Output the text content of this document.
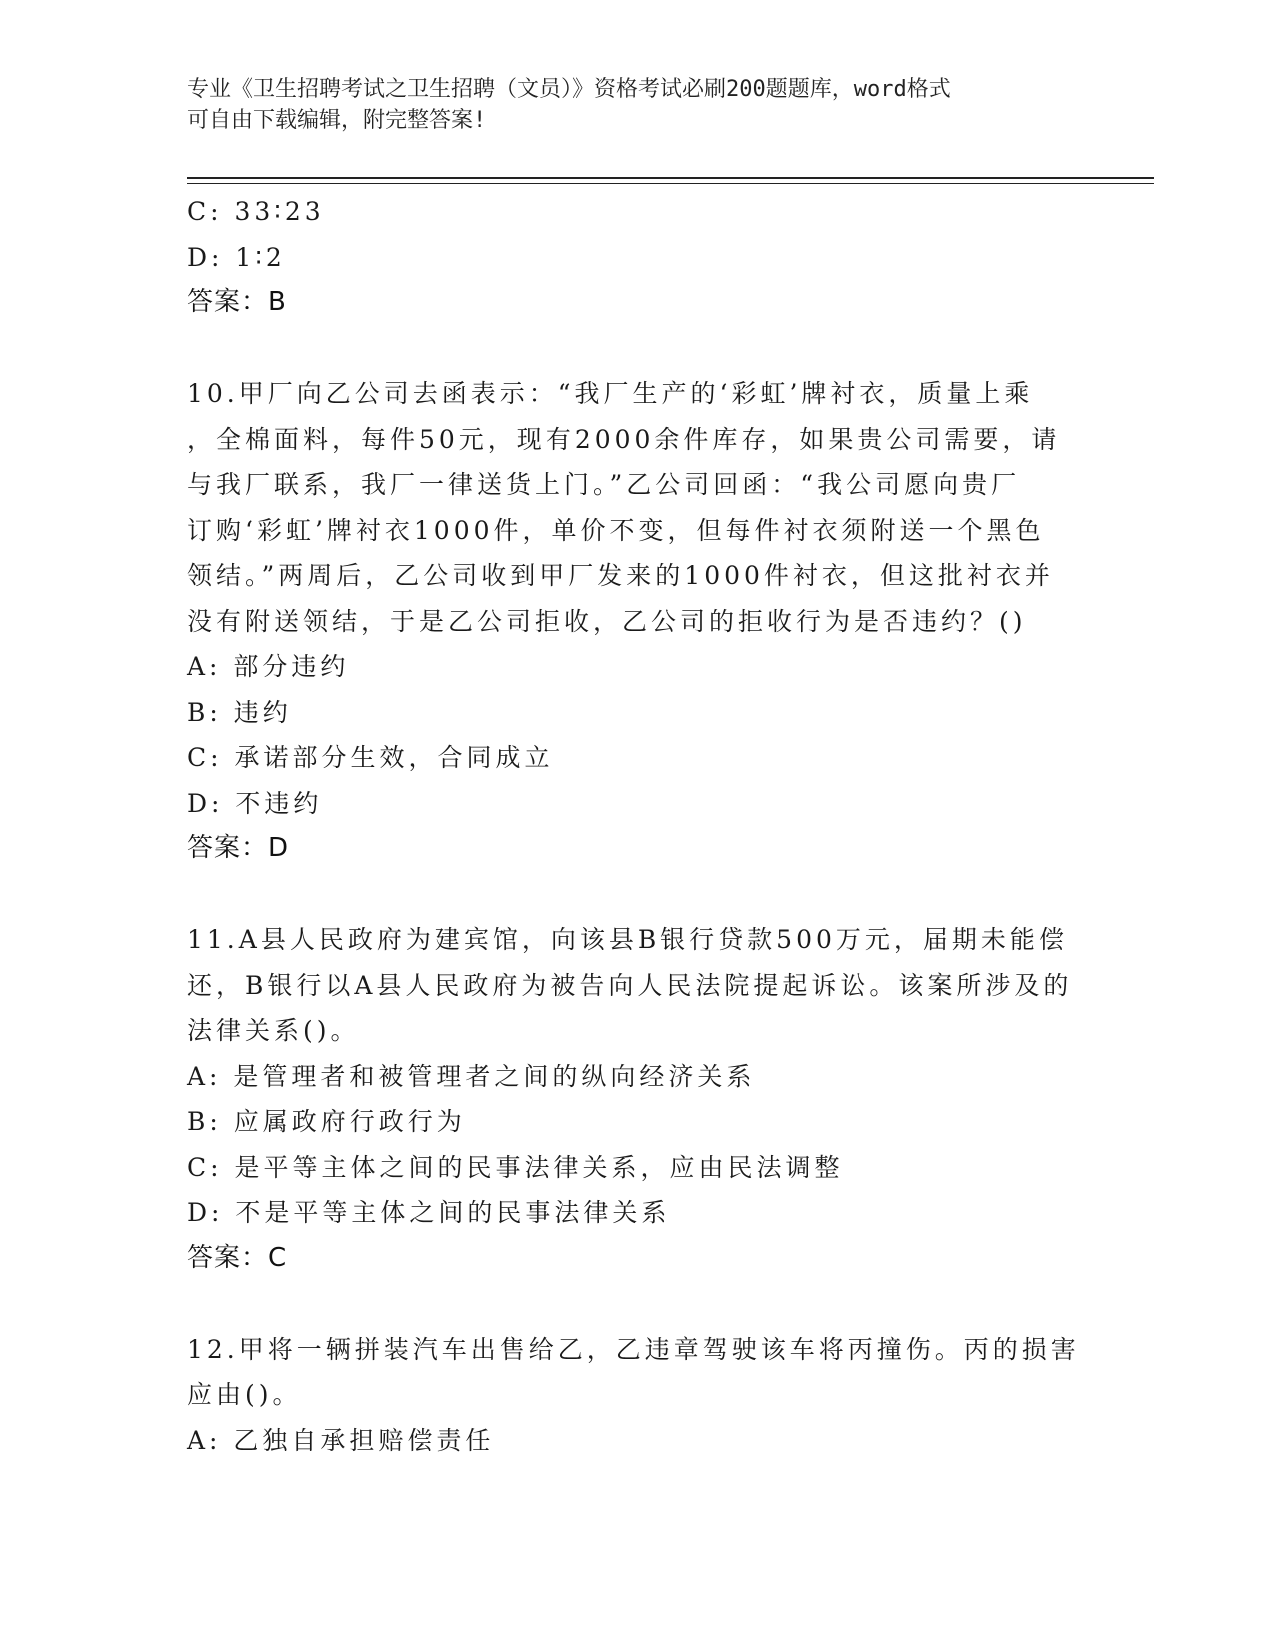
专业《卫生招聘考试之卫生招聘（文员）》资格考试必刷200题题库，word格式
可自由下载编辑，附完整答案!
C: 33∶23
D: 1∶2
答案：B
10.甲厂向乙公司去函表示：“我厂生产的‘彩虹’牌衬衣，质量上乘
，全棉面料，每件50元，现有2000余件库存，如果贵公司需要，请
与我厂联系，我厂一律送货上门。”乙公司回函：“我公司愿向贵厂
订购‘彩虹’牌衬衣1000件，单价不变，但每件衬衣须附送一个黑色
领结。”两周后，乙公司收到甲厂发来的1000件衬衣，但这批衬衣并
没有附送领结，于是乙公司拒收，乙公司的拒收行为是否违约？()
A: 部分违约
B: 违约
C: 承诺部分生效，合同成立
D: 不违约
答案：D
11.A县人民政府为建宾馆，向该县B银行贷款500万元，届期未能偿
还，B银行以A县人民政府为被告向人民法院提起诉讼。该案所涉及的
法律关系()。
A: 是管理者和被管理者之间的纵向经济关系
B: 应属政府行政行为
C: 是平等主体之间的民事法律关系，应由民法调整
D: 不是平等主体之间的民事法律关系
答案：C
12.甲将一辆拼装汽车出售给乙，乙违章驾驶该车将丙撞伤。丙的损害
应由()。
A: 乙独自承担赔偿责任
